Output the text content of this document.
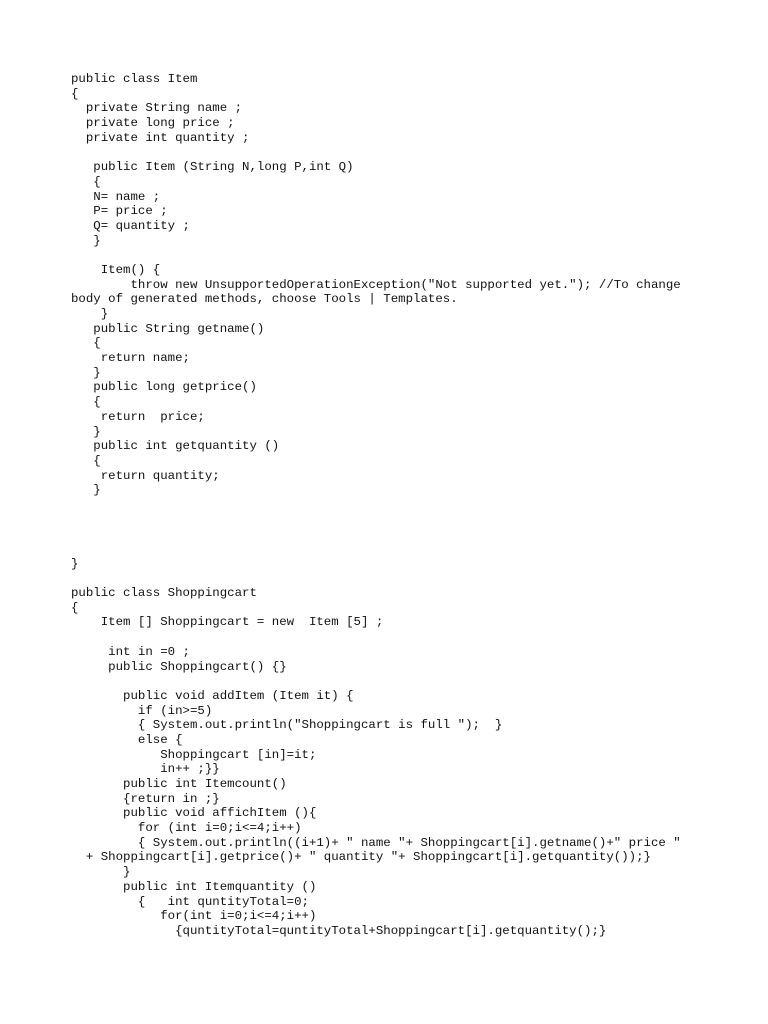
public class Item
{
private String name ;
private long price ;
private int quantity ;
public Item (String N,long P,int Q)
{
N= name ;
P= price ;
Q= quantity ;
}
Item() {
throw new UnsupportedOperationException("Not supported yet."); //To change
body of generated methods, choose Tools | Templates.
}
public String getname()
{
return name;
}
public long getprice()
{
return  price;
}
public int getquantity ()
{
return quantity;
}
}
public class Shoppingcart
{
Item [] Shoppingcart = new  Item [5] ;
int in =0 ;
public Shoppingcart() {}
public void addItem (Item it) {
if (in>=5)
{ System.out.println("Shoppingcart is full ");  }
else {
Shoppingcart [in]=it;
in++ ;}}
public int Itemcount()
{return in ;}
public void affichItem (){
for (int i=0;i<=4;i++)
{ System.out.println((i+1)+ " name "+ Shoppingcart[i].getname()+" price "
+ Shoppingcart[i].getprice()+ " quantity "+ Shoppingcart[i].getquantity());}
}
public int Itemquantity ()
{   int quntityTotal=0;
for(int i=0;i<=4;i++)
{quntityTotal=quntityTotal+Shoppingcart[i].getquantity();}
